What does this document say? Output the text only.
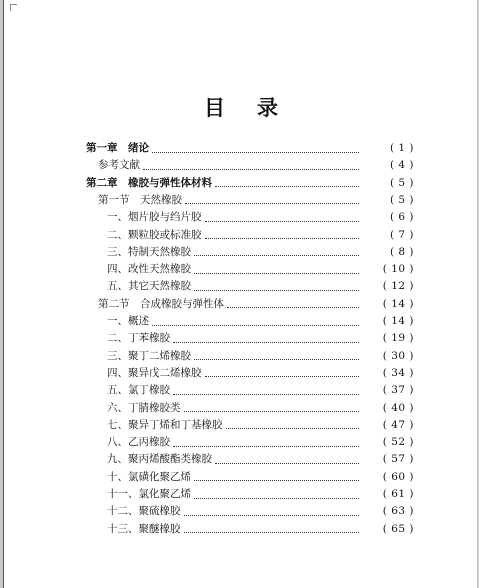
目 录
第一章　绪论	( 1 )
参考文献	( 4 )
第二章　橡胶与弹性体材料	( 5 )
第一节　天然橡胶	( 5 )
一、烟片胶与绉片胶	( 6 )
二、颗粒胶或标准胶	( 7 )
三、特制天然橡胶	( 8 )
四、改性天然橡胶	( 10 )
五、其它天然橡胶	( 12 )
第二节　合成橡胶与弹性体	( 14 )
一、概述	( 14 )
二、丁苯橡胶	( 19 )
三、聚丁二烯橡胶	( 30 )
四、聚异戊二烯橡胶	( 34 )
五、氯丁橡胶	( 37 )
六、丁腈橡胶类	( 40 )
七、聚异丁烯和丁基橡胶	( 47 )
八、乙丙橡胶	( 52 )
九、聚丙烯酸酯类橡胶	( 57 )
十、氯磺化聚乙烯	( 60 )
十一、氯化聚乙烯	( 61 )
十二、聚硫橡胶	( 63 )
十三、聚醚橡胶	( 65 )
